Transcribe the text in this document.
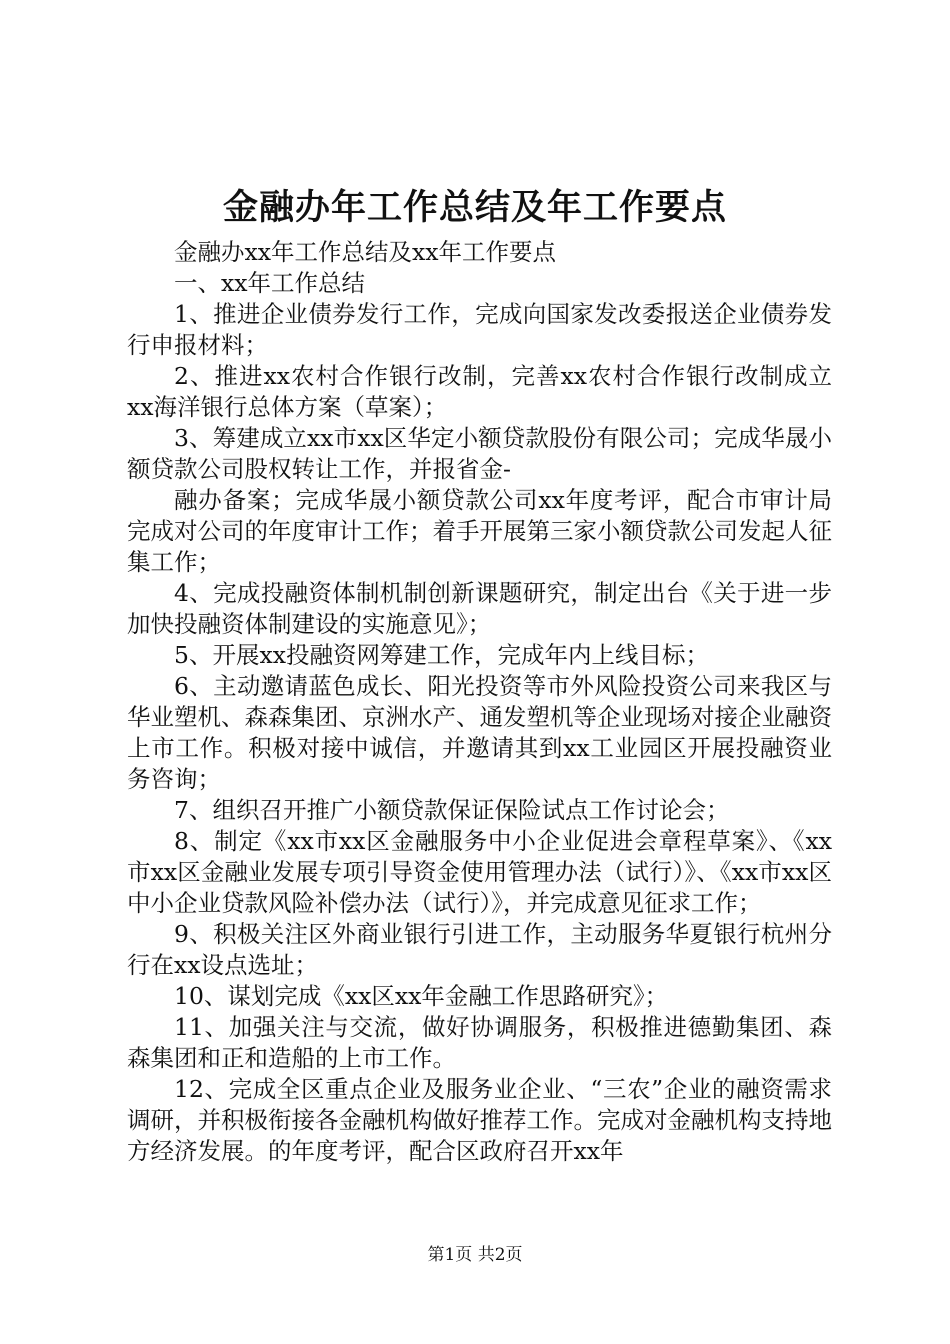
金融办年工作总结及年工作要点

金融办xx年工作总结及xx年工作要点

一、xx年工作总结

1、推进企业债券发行工作，完成向国家发改委报送企业债券发行申报材料；

2、推进xx农村合作银行改制，完善xx农村合作银行改制成立xx海洋银行总体方案（草案）；

3、筹建成立xx市xx区华定小额贷款股份有限公司；完成华晟小额贷款公司股权转让工作，并报省金-

融办备案；完成华晟小额贷款公司xx年度考评，配合市审计局完成对公司的年度审计工作；着手开展第三家小额贷款公司发起人征集工作；

4、完成投融资体制机制创新课题研究，制定出台《关于进一步加快投融资体制建设的实施意见》；

5、开展xx投融资网筹建工作，完成年内上线目标；

6、主动邀请蓝色成长、阳光投资等市外风险投资公司来我区与华业塑机、森森集团、京洲水产、通发塑机等企业现场对接企业融资上市工作。积极对接中诚信，并邀请其到xx工业园区开展投融资业务咨询；

7、组织召开推广小额贷款保证保险试点工作讨论会；

8、制定《xx市xx区金融服务中小企业促进会章程草案》、《xx市xx区金融业发展专项引导资金使用管理办法（试行）》、《xx市xx区中小企业贷款风险补偿办法（试行）》，并完成意见征求工作；

9、积极关注区外商业银行引进工作，主动服务华夏银行杭州分行在xx设点选址；

10、谋划完成《xx区xx年金融工作思路研究》；

11、加强关注与交流，做好协调服务，积极推进德勤集团、森森集团和正和造船的上市工作。

12、完成全区重点企业及服务业企业、“三农”企业的融资需求调研，并积极衔接各金融机构做好推荐工作。完成对金融机构支持地方经济发展。的年度考评，配合区政府召开xx年

第1页 共2页
